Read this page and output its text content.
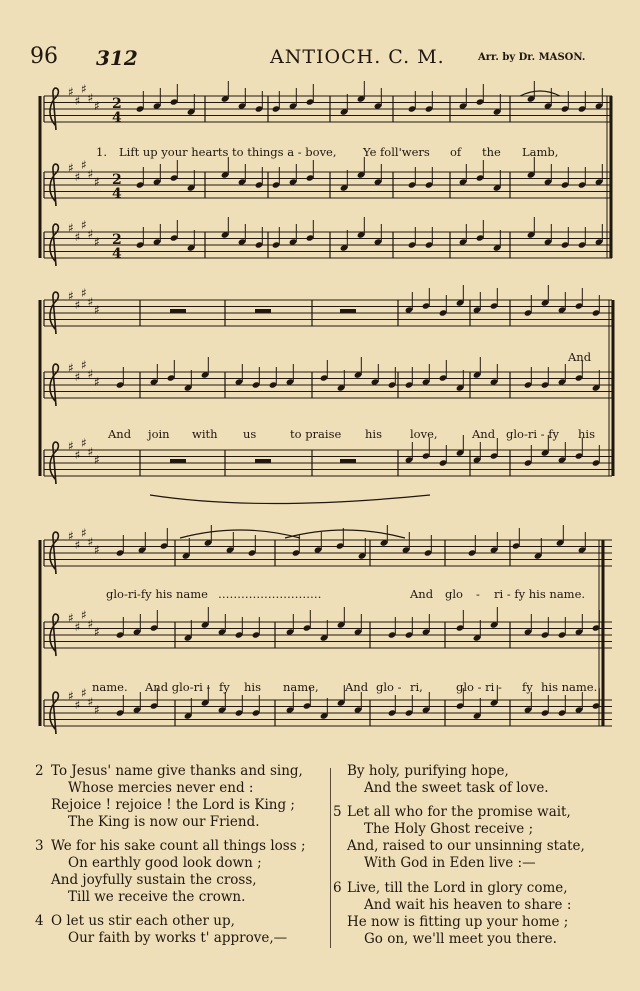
96 312	ANTIOCH. C. M.	Arr. by Dr. MASON.
♯
♯
♯
♯
♯ 2
4
♯
♯
♯
♯
♯ 2
4
♯
♯
♯
♯
♯ 2
4
♯
♯
♯
♯
♯
♯
♯
♯
♯
♯
♯
♯
♯
♯
♯
♯
♯
♯
♯
♯
♯
♯
♯
♯
♯
♯
♯
♯
♯
♯
1. Lift up your hearts to things a - bove, Ye foll'wers of the Lamb,
And
And join with us	to praise his love,	And glo-ri - fy his
glo-ri-fy his name ………………………	And glo - ri - fy his name.
name. And glo-ri - fy his name, And glo - ri,	glo - ri - fy his name.
2 To Jesus' name give thanks and sing,
Whose mercies never end :
Rejoice ! rejoice ! the Lord is King ;
The King is now our Friend.
3 We for his sake count all things loss ;
On earthly good look down ;
And joyfully sustain the cross,
Till we receive the crown.
4 O let us stir each other up,
Our faith by works t' approve,—
By holy, purifying hope,
And the sweet task of love.
5 Let all who for the promise wait,
The Holy Ghost receive ;
And, raised to our unsinning state,
With God in Eden live :—
6 Live, till the Lord in glory come,
And wait his heaven to share :
He now is fitting up your home ;
Go on, we'll meet you there.
